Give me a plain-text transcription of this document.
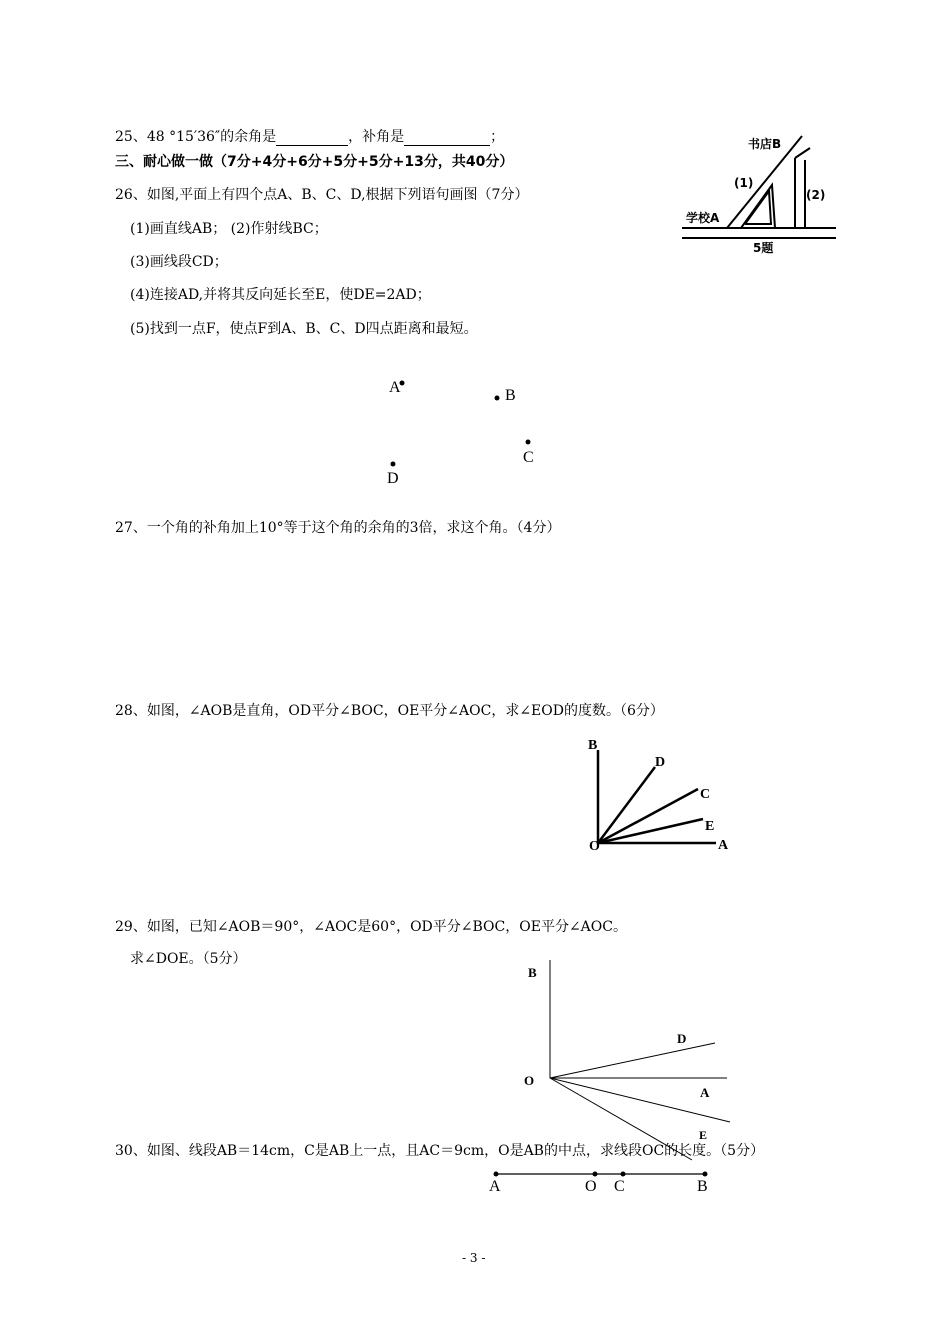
25、48 °15′36″的余角是	，补角是	；
三、耐心做一做（7分+4分+6分+5分+5分+13分，共40分）
26、如图,平面上有四个点A、B、C、D,根据下列语句画图（7分）
(1)画直线AB； (2)作射线BC；
(3)画线段CD；
(4)连接AD,并将其反向延长至E，使DE=2AD；
(5)找到一点F，使点F到A、B、C、D四点距离和最短。
A	B
C
D
书店B
学校A
(1)
(2)
5题
27、一个角的补角加上10°等于这个角的余角的3倍，求这个角。（4分）
28、如图，∠AOB是直角，OD平分∠BOC，OE平分∠AOC，求∠EOD的度数。（6分）
B
D
C
E
O	A
29、如图，已知∠AOB＝90°，∠AOC是60°，OD平分∠BOC，OE平分∠AOC。
求∠DOE。（5分）
B
D
O
A
E
30、如图、线段AB＝14cm，C是AB上一点，且AC＝9cm，O是AB的中点，求线段OC的长度。（5分）
A	O C	B
- 3 -
